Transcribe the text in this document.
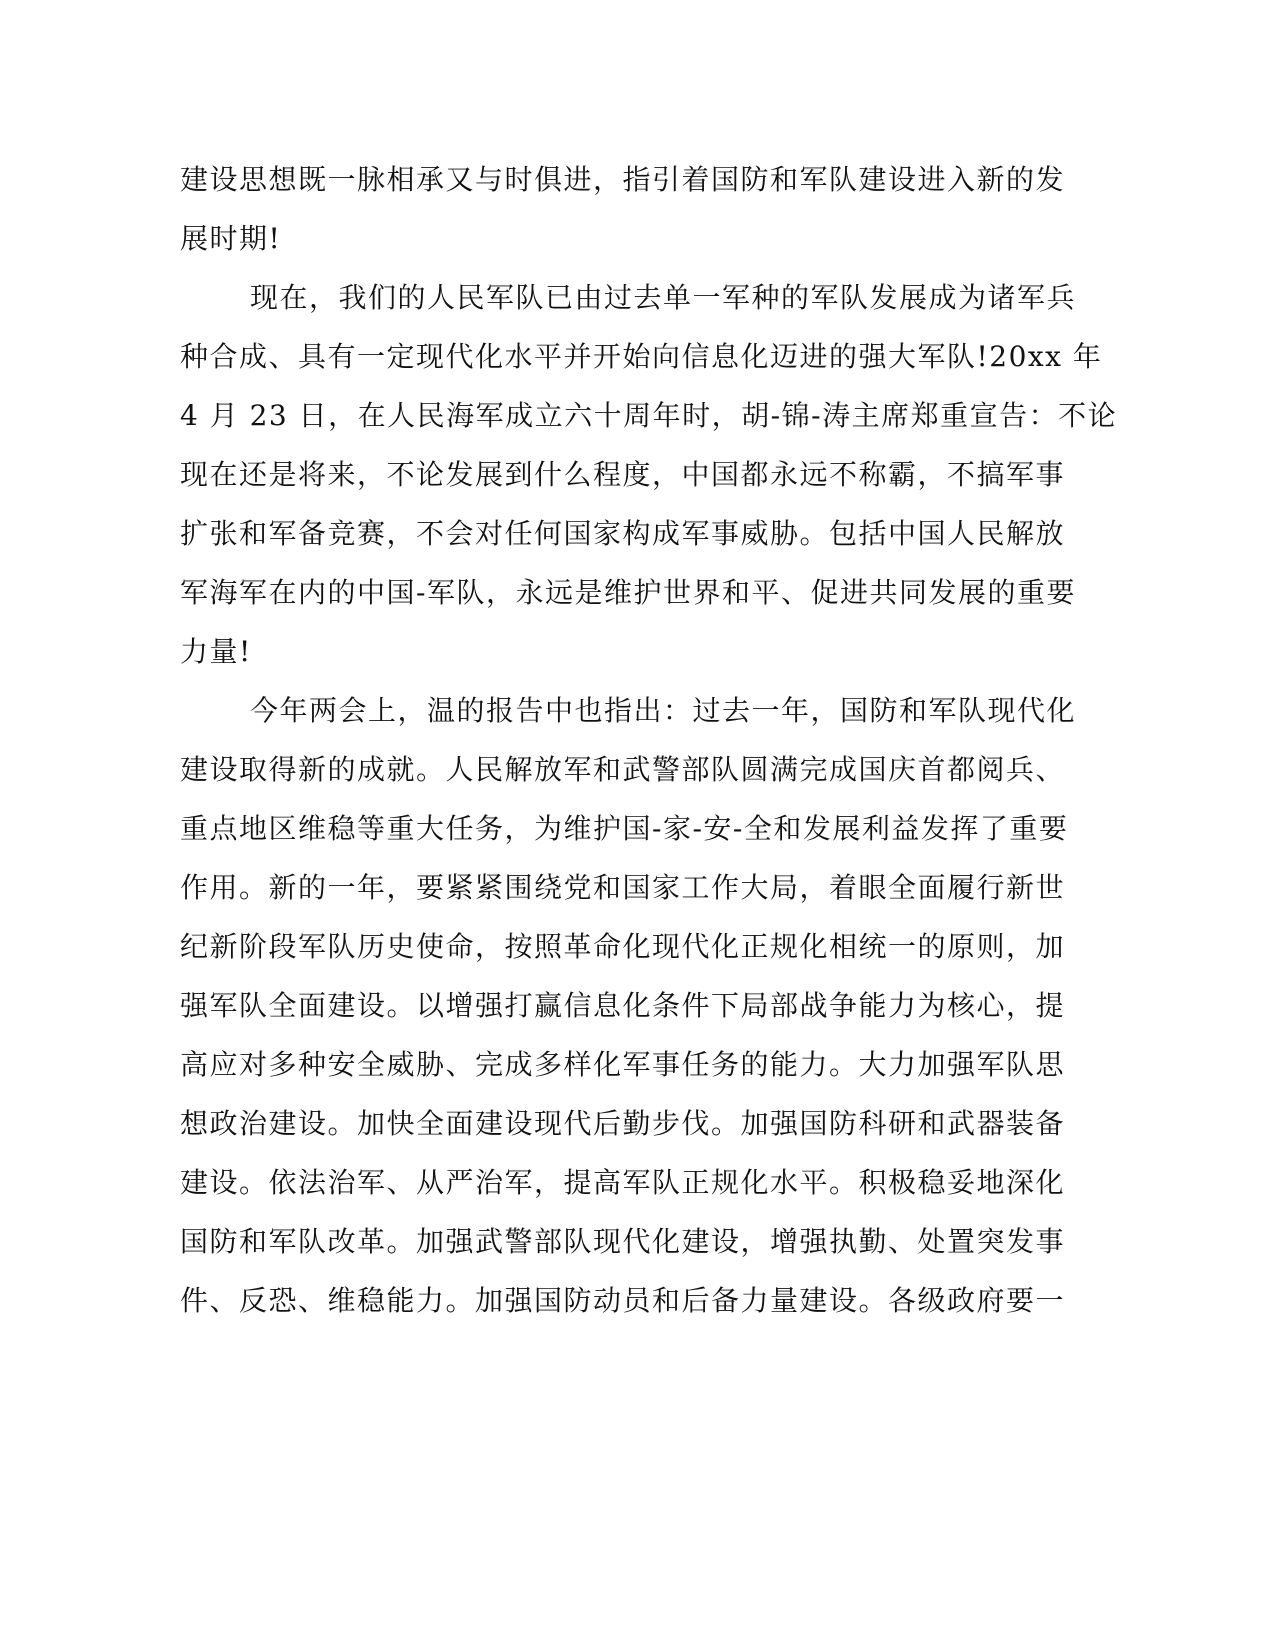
建设思想既一脉相承又与时俱进，指引着国防和军队建设进入新的发
展时期!
现在，我们的人民军队已由过去单一军种的军队发展成为诸军兵
种合成、具有一定现代化水平并开始向信息化迈进的强大军队!20xx 年
4 月 23 日，在人民海军成立六十周年时，胡-锦-涛主席郑重宣告：不论
现在还是将来，不论发展到什么程度，中国都永远不称霸，不搞军事
扩张和军备竞赛，不会对任何国家构成军事威胁。包括中国人民解放
军海军在内的中国-军队，永远是维护世界和平、促进共同发展的重要
力量!
今年两会上，温的报告中也指出：过去一年，国防和军队现代化
建设取得新的成就。人民解放军和武警部队圆满完成国庆首都阅兵、
重点地区维稳等重大任务，为维护国-家-安-全和发展利益发挥了重要
作用。新的一年，要紧紧围绕党和国家工作大局，着眼全面履行新世
纪新阶段军队历史使命，按照革命化现代化正规化相统一的原则，加
强军队全面建设。以增强打赢信息化条件下局部战争能力为核心，提
高应对多种安全威胁、完成多样化军事任务的能力。大力加强军队思
想政治建设。加快全面建设现代后勤步伐。加强国防科研和武器装备
建设。依法治军、从严治军，提高军队正规化水平。积极稳妥地深化
国防和军队改革。加强武警部队现代化建设，增强执勤、处置突发事
件、反恐、维稳能力。加强国防动员和后备力量建设。各级政府要一
